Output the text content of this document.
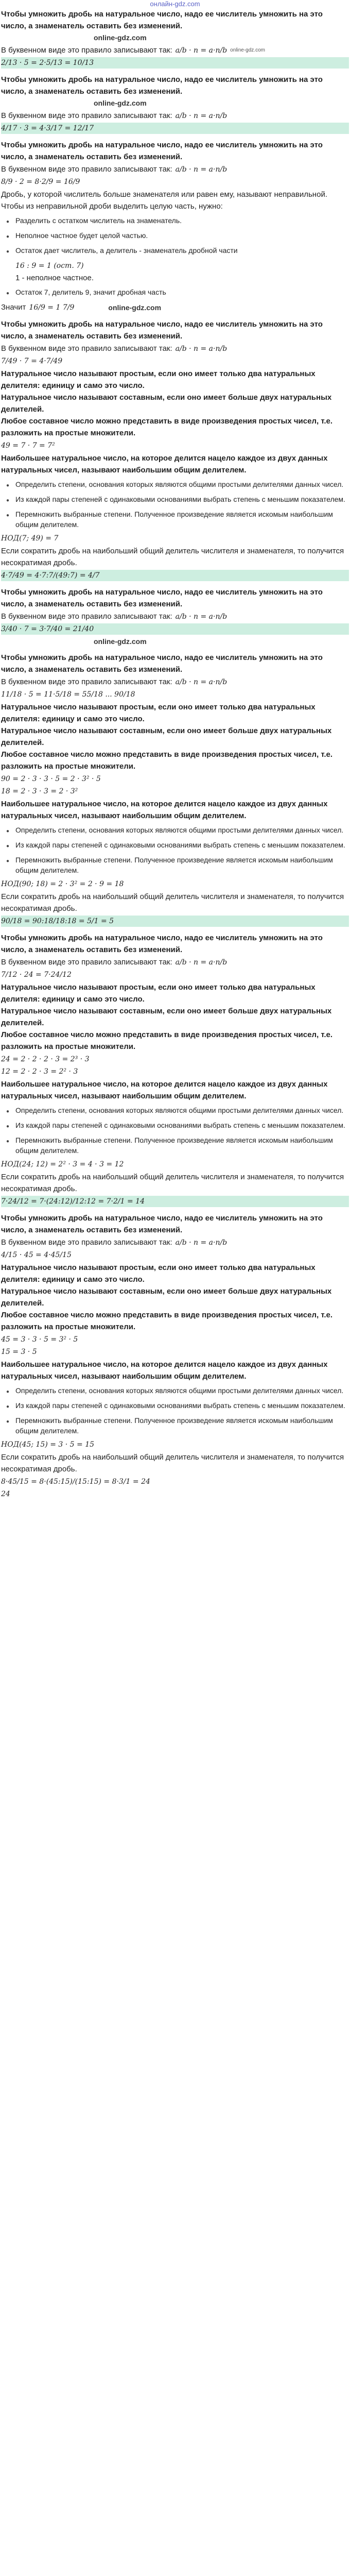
онлайн-gdz.com

Чтобы умножить дробь на натуральное число, надо ее числитель умножить на это число, а знаменатель оставить без изменений.

online-gdz.com

В буквенном виде это правило записывают так: a/b · n = a·n/b online-gdz.com
2/13 · 5 = 2·5/13 = 10/13

Чтобы умножить дробь на натуральное число, надо ее числитель умножить на это число, а знаменатель оставить без изменений.

online-gdz.com

В буквенном виде это правило записывают так: a/b · n = a·n/b
4/17 · 3 = 4·3/17 = 12/17

Чтобы умножить дробь на натуральное число, надо ее числитель умножить на это число, а знаменатель оставить без изменений.

В буквенном виде это правило записывают так: a/b · n = a·n/b
8/9 · 2 = 8·2/9 = 16/9

Дробь, у которой числитель больше знаменателя или равен ему, называют неправильной.

Чтобы из неправильной дроби выделить целую часть, нужно:

● Разделить с остатком числитель на знаменатель.
● Неполное частное будет целой частью.
● Остаток дает числитель, а делитель - знаменатель дробной части
16 : 9 = 1 (ост. 7)
1 - неполное частное.
● Остаток 7, делитель 9, значит дробная часть
Значит 16/9 = 1 7/9	online-gdz.com

Чтобы умножить дробь на натуральное число, надо ее числитель умножить на это число, а знаменатель оставить без изменений.

В буквенном виде это правило записывают так: a/b · n = a·n/b
7/49 · 7 = 4·7/49

Натуральное число называют простым, если оно имеет только два натуральных делителя: единицу и само это число.

Натуральное число называют составным, если оно имеет больше двух натуральных делителей.

Любое составное число можно представить в виде произведения простых чисел, т.е. разложить на простые множители.

49 = 7 · 7 = 7²

Наибольшее натуральное число, на которое делится нацело каждое из двух данных натуральных чисел, называют наибольшим общим делителем.

● Определить степени, основания которых являются общими простыми делителями данных чисел.
● Из каждой пары степеней с одинаковыми основаниями выбрать степень с меньшим показателем.
● Перемножить выбранные степени. Полученное произведение является искомым наибольшим общим делителем.
НОД(7; 49) = 7

Если сократить дробь на наибольший общий делитель числителя и знаменателя, то получится несократимая дробь.

4·7/49 = 4·7:7/(49:7) = 4/7

Чтобы умножить дробь на натуральное число, надо ее числитель умножить на это число, а знаменатель оставить без изменений.

В буквенном виде это правило записывают так: a/b · n = a·n/b
3/40 · 7 = 3·7/40 = 21/40

online-gdz.com

Чтобы умножить дробь на натуральное число, надо ее числитель умножить на это число, а знаменатель оставить без изменений.

В буквенном виде это правило записывают так: a/b · n = a·n/b
11/18 · 5 = 11·5/18 = 55/18 ... 90/18

Натуральное число называют простым, если оно имеет только два натуральных делителя: единицу и само это число.

Натуральное число называют составным, если оно имеет больше двух натуральных делителей.

Любое составное число можно представить в виде произведения простых чисел, т.е. разложить на простые множители.

90 = 2 · 3 · 3 · 5 = 2 · 3² · 5
18 = 2 · 3 · 3 = 2 · 3²

Наибольшее натуральное число, на которое делится нацело каждое из двух данных натуральных чисел, называют наибольшим общим делителем.

● Определить степени, основания которых являются общими простыми делителями данных чисел.
● Из каждой пары степеней с одинаковыми основаниями выбрать степень с меньшим показателем.
● Перемножить выбранные степени. Полученное произведение является искомым наибольшим общим делителем.
НОД(90; 18) = 2 · 3² = 2 · 9 = 18

Если сократить дробь на наибольший общий делитель числителя и знаменателя, то получится несократимая дробь.

90/18 = 90:18/18:18 = 5/1 = 5

Чтобы умножить дробь на натуральное число, надо ее числитель умножить на это число, а знаменатель оставить без изменений.

В буквенном виде это правило записывают так: a/b · n = a·n/b
7/12 · 24 = 7·24/12

Натуральное число называют простым, если оно имеет только два натуральных делителя: единицу и само это число.

Натуральное число называют составным, если оно имеет больше двух натуральных делителей.

Любое составное число можно представить в виде произведения простых чисел, т.е. разложить на простые множители.

24 = 2 · 2 · 2 · 3 = 2³ · 3
12 = 2 · 2 · 3 = 2² · 3

Наибольшее натуральное число, на которое делится нацело каждое из двух данных натуральных чисел, называют наибольшим общим делителем.

● Определить степени, основания которых являются общими простыми делителями данных чисел.
● Из каждой пары степеней с одинаковыми основаниями выбрать степень с меньшим показателем.
● Перемножить выбранные степени. Полученное произведение является искомым наибольшим общим делителем.
НОД(24; 12) = 2² · 3 = 4 · 3 = 12

Если сократить дробь на наибольший общий делитель числителя и знаменателя, то получится несократимая дробь.

7·24/12 = 7·(24:12)/12:12 = 7·2/1 = 14

Чтобы умножить дробь на натуральное число, надо ее числитель умножить на это число, а знаменатель оставить без изменений.

В буквенном виде это правило записывают так: a/b · n = a·n/b
4/15 · 45 = 4·45/15

Натуральное число называют простым, если оно имеет только два натуральных делителя: единицу и само это число.

Натуральное число называют составным, если оно имеет больше двух натуральных делителей.

Любое составное число можно представить в виде произведения простых чисел, т.е. разложить на простые множители.

45 = 3 · 3 · 5 = 3² · 5
15 = 3 · 5

Наибольшее натуральное число, на которое делится нацело каждое из двух данных натуральных чисел, называют наибольшим общим делителем.

● Определить степени, основания которых являются общими простыми делителями данных чисел.
● Из каждой пары степеней с одинаковыми основаниями выбрать степень с меньшим показателем.
● Перемножить выбранные степени. Полученное произведение является искомым наибольшим общим делителем.
НОД(45; 15) = 3 · 5 = 15

Если сократить дробь на наибольший общий делитель числителя и знаменателя, то получится несократимая дробь.

8·45/15 = 8·(45:15)/(15:15) = 8·3/1 = 24
24
